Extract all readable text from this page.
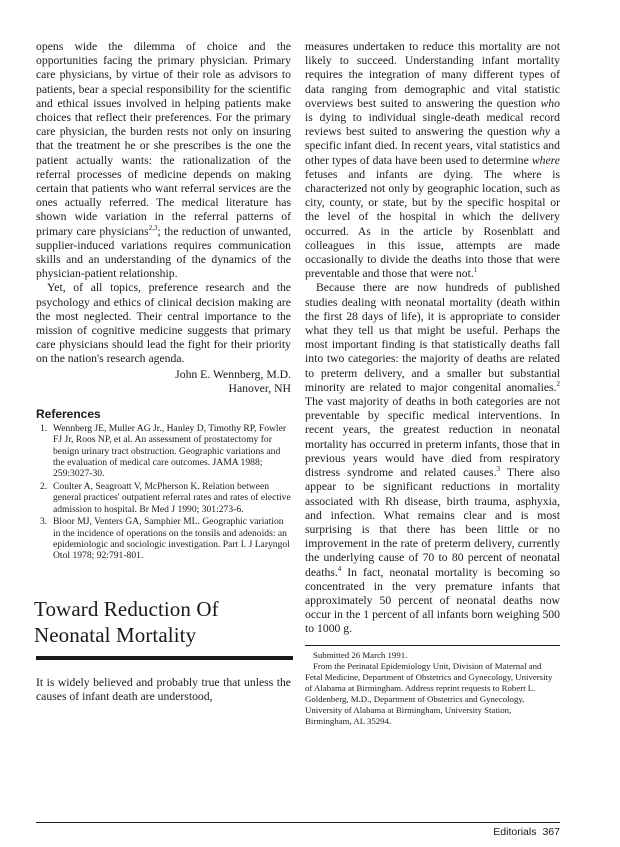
opens wide the dilemma of choice and the opportunities facing the primary physician. Primary care physicians, by virtue of their role as advisors to patients, bear a special responsibility for the scientific and ethical issues involved in helping patients make choices that reflect their preferences. For the primary care physician, the burden rests not only on insuring that the treatment he or she prescribes is the one the patient actually wants: the rationalization of the referral processes of medicine depends on making certain that patients who want referral services are the ones actually referred. The medical literature has shown wide variation in the referral patterns of primary care physicians$^{2,3}$; the reduction of unwanted, supplier-induced variations requires communication skills and an understanding of the dynamics of the physician-patient relationship.

Yet, of all topics, preference research and the psychology and ethics of clinical decision making are the most neglected. Their central importance to the mission of cognitive medicine suggests that primary care physicians should lead the fight for their priority on the nation's research agenda.

John E. Wennberg, M.D.
Hanover, NH
References
1. Wennberg JE, Muller AG Jr., Hanley D, Timothy RP, Fowler FJ Jr, Roos NP, et al. An assessment of prostatectomy for benign urinary tract obstruction. Geographic variations and the evaluation of medical care outcomes. JAMA 1988; 259:3027-30.
2. Coulter A, Seagroatt V, McPherson K. Relation between general practices' outpatient referral rates and rates of elective admission to hospital. Br Med J 1990; 301:273-6.
3. Bloor MJ, Venters GA, Samphier ML. Geographic variation in the incidence of operations on the tonsils and adenoids: an epidemiologic and sociologic investigation. Part I. J Laryngol Otol 1978; 92:791-801.
Toward Reduction Of Neonatal Mortality

It is widely believed and probably true that unless the causes of infant death are understood,

measures undertaken to reduce this mortality are not likely to succeed. Understanding infant mortality requires the integration of many different types of data ranging from demographic and vital statistic overviews best suited to answering the question who is dying to individual single-death medical record reviews best suited to answering the question why a specific infant died. In recent years, vital statistics and other types of data have been used to determine where fetuses and infants are dying. The where is characterized not only by geographic location, such as city, county, or state, but by the specific hospital or the level of the hospital in which the delivery occurred. As in the article by Rosenblatt and colleagues in this issue, attempts are made occasionally to divide the deaths into those that were preventable and those that were not.$^1$

Because there are now hundreds of published studies dealing with neonatal mortality (death within the first 28 days of life), it is appropriate to consider what they tell us that might be useful. Perhaps the most important finding is that statistically deaths fall into two categories: the majority of deaths are related to preterm delivery, and a smaller but substantial minority are related to major congenital anomalies.$^2$ The vast majority of deaths in both categories are not preventable by specific medical interventions. In recent years, the greatest reduction in neonatal mortality has occurred in preterm infants, those that in previous years would have died from respiratory distress syndrome and related causes.$^3$ There also appear to be significant reductions in mortality associated with Rh disease, birth trauma, asphyxia, and infection. What remains clear and is most surprising is that there has been little or no improvement in the rate of preterm delivery, currently the underlying cause of 70 to 80 percent of neonatal deaths.$^4$ In fact, neonatal mortality is becoming so concentrated in the very premature infants that approximately 50 percent of neonatal deaths now occur in the 1 percent of all infants born weighing 500 to 1000 g.

Submitted 26 March 1991.

From the Perinatal Epidemiology Unit, Division of Maternal and Fetal Medicine, Department of Obstetrics and Gynecology, University of Alabama at Birmingham. Address reprint requests to Robert L. Goldenberg, M.D., Department of Obstetrics and Gynecology, University of Alabama at Birmingham, University Station, Birmingham, AL 35294.

Editorials 367
